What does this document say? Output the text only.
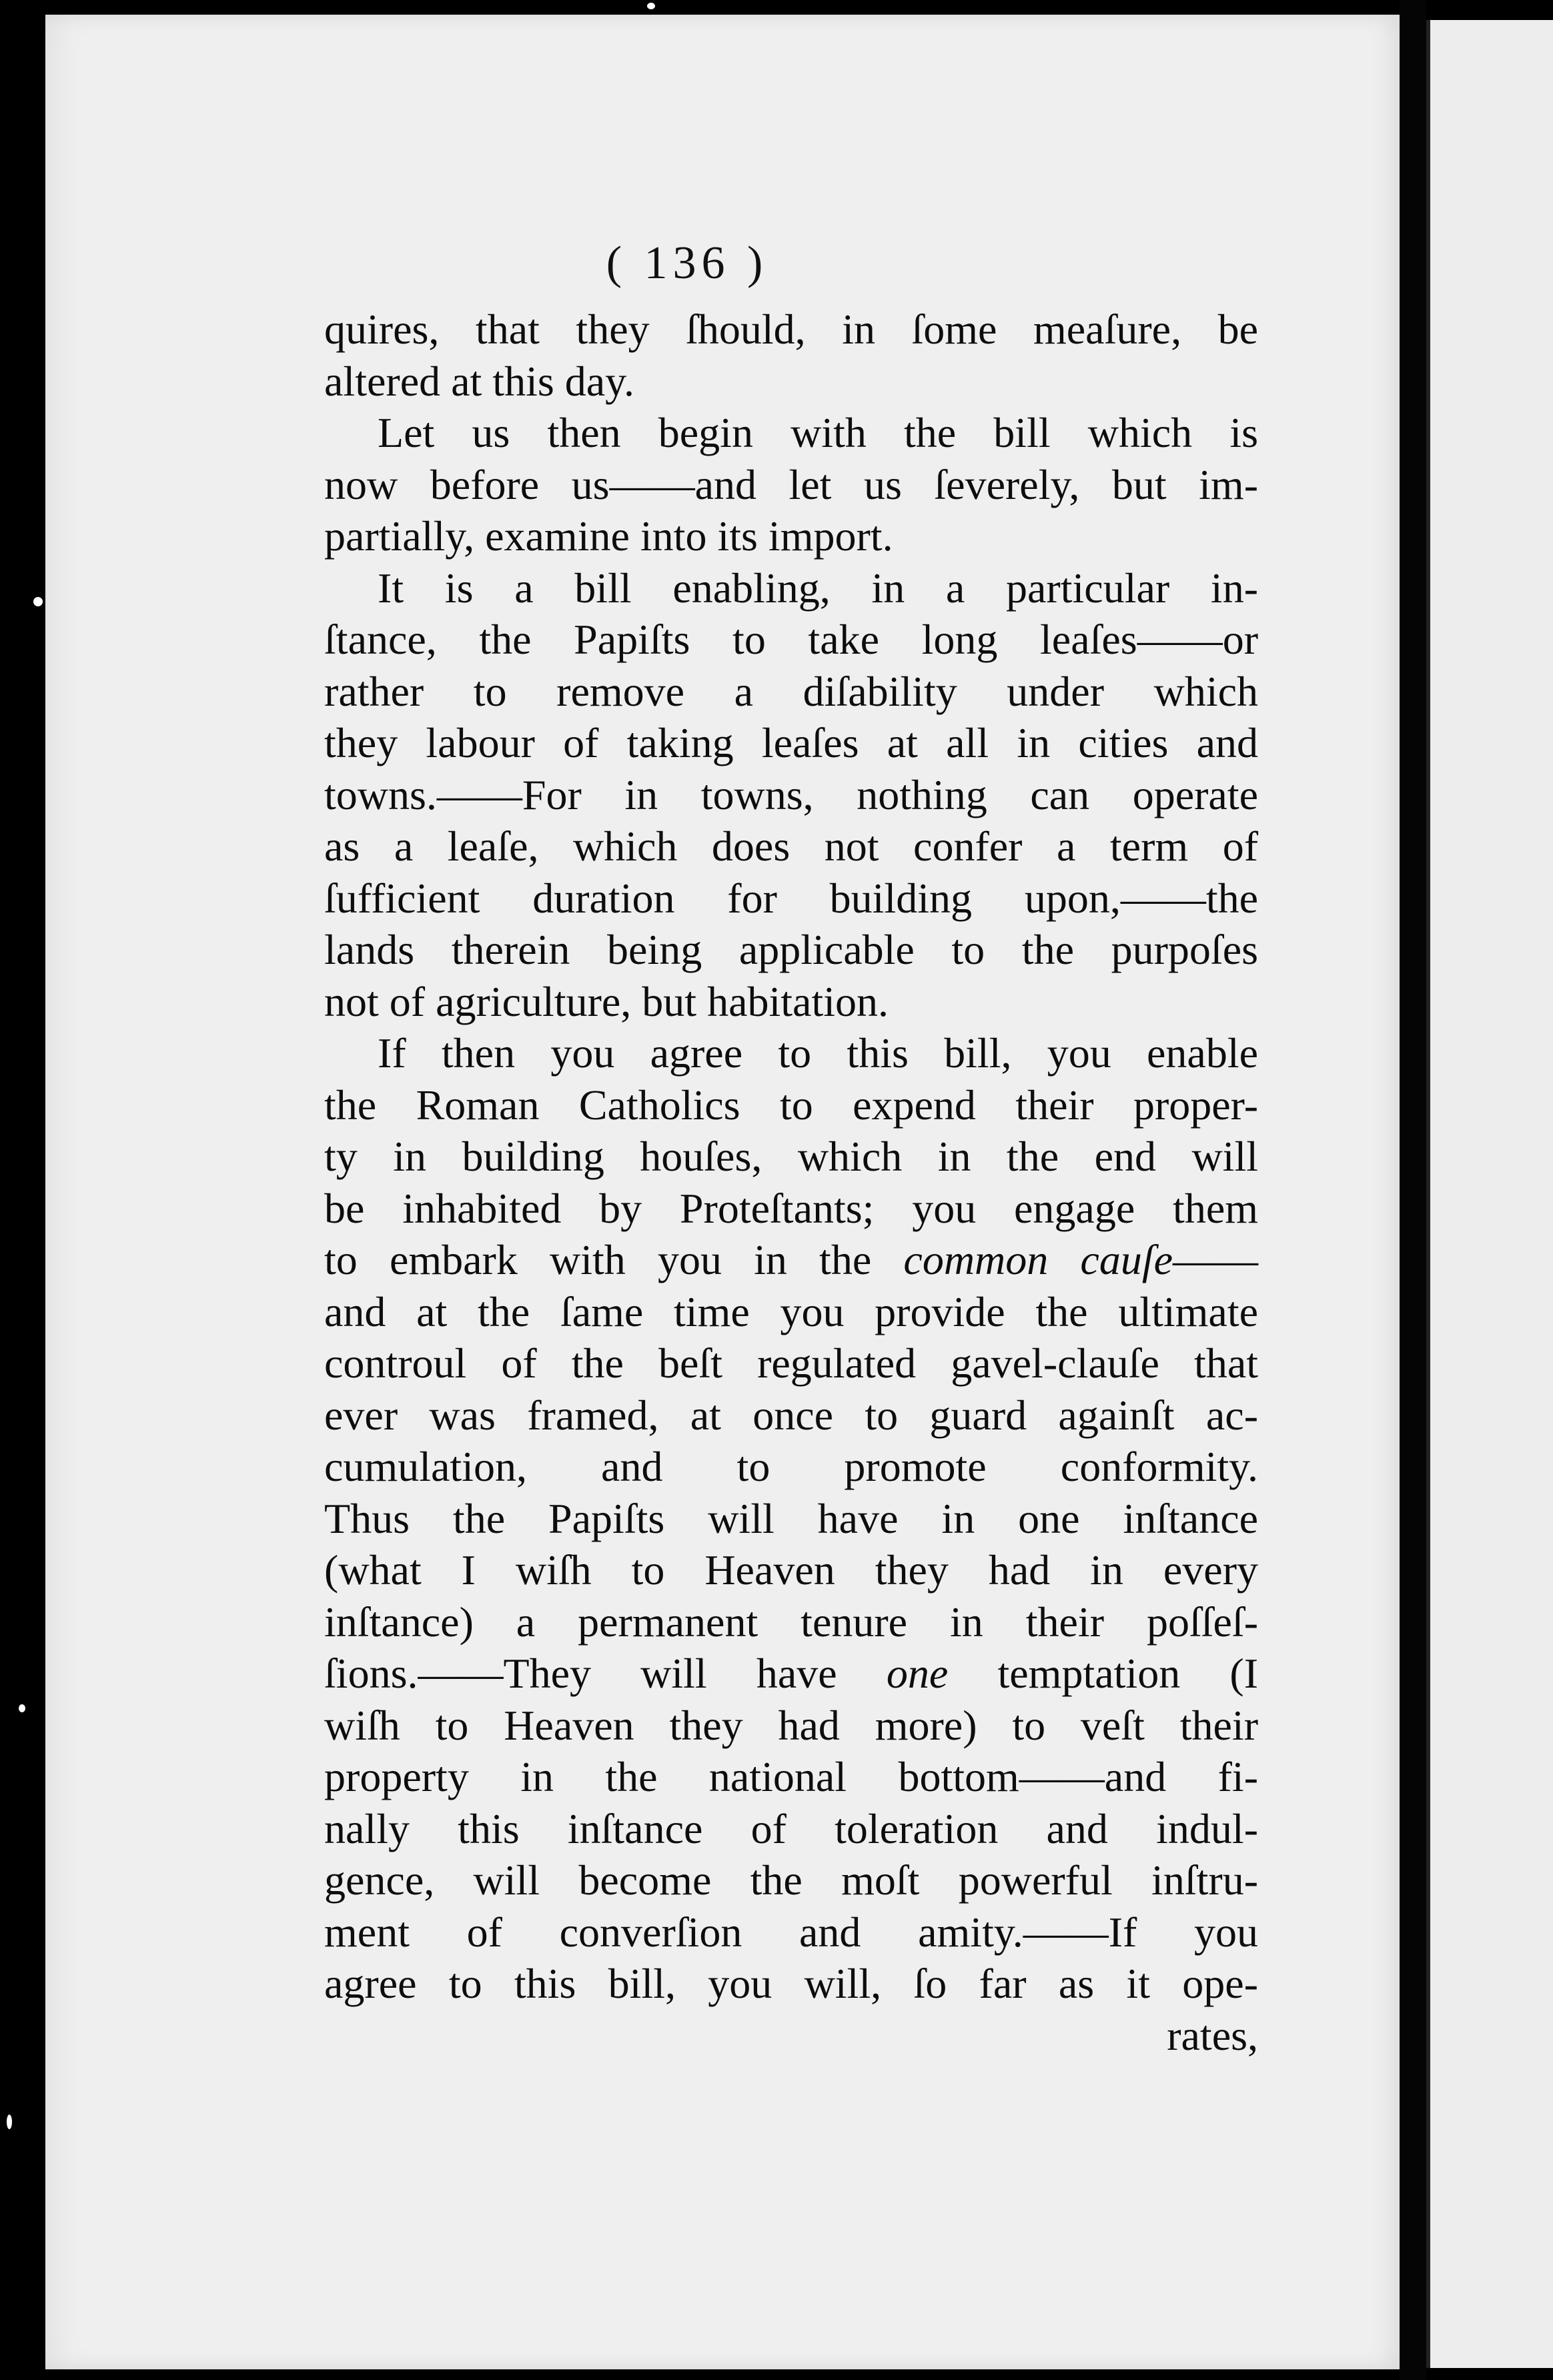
( 136 )
quires, that they ſhould, in ſome meaſure, be
altered at this day.
Let us then begin with the bill which is
now before us——and let us ſeverely, but im-
partially, examine into its import.
It is a bill enabling, in a particular in-
ſtance, the Papiſts to take long leaſes——or
rather to remove a diſability under which
they labour of taking leaſes at all in cities and
towns.——For in towns, nothing can operate
as a leaſe, which does not confer a term of
ſufficient duration for building upon,——the
lands therein being applicable to the purpoſes
not of agriculture, but habitation.
If then you agree to this bill, you enable
the Roman Catholics to expend their proper-
ty in building houſes, which in the end will
be inhabited by Proteſtants; you engage them
to embark with you in the common cauſe——
and at the ſame time you provide the ultimate
controul of the beſt regulated gavel-clauſe that
ever was framed, at once to guard againſt ac-
cumulation, and to promote conformity.
Thus the Papiſts will have in one inſtance
(what I wiſh to Heaven they had in every
inſtance) a permanent tenure in their poſſeſ-
ſions.——They will have one temptation (I
wiſh to Heaven they had more) to veſt their
property in the national bottom——and fi-
nally this inſtance of toleration and indul-
gence, will become the moſt powerful inſtru-
ment of converſion and amity.——If you
agree to this bill, you will, ſo far as it ope-
rates,
